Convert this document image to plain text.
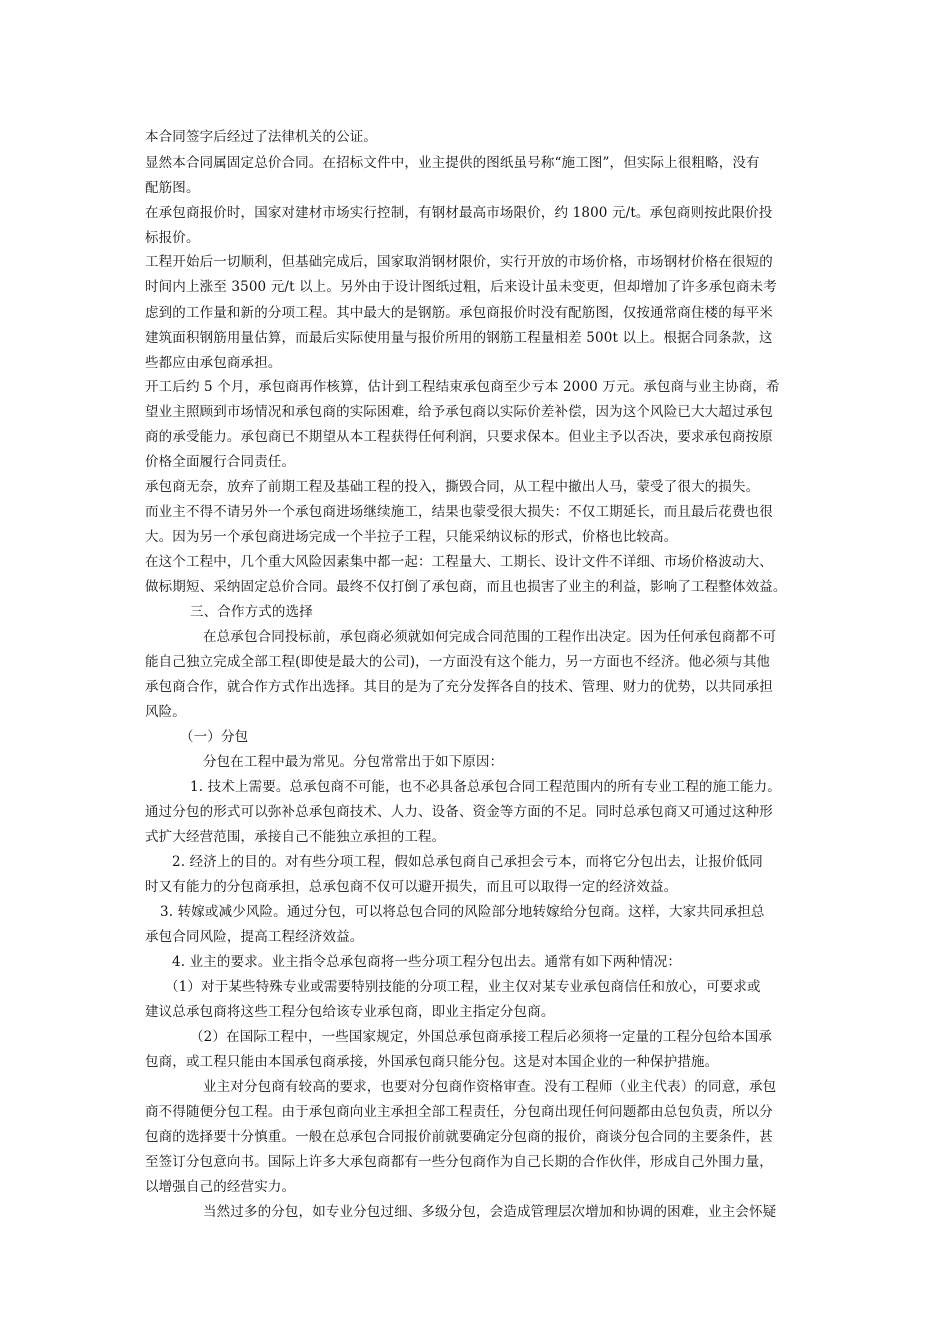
本合同签字后经过了法律机关的公证。
显然本合同属固定总价合同。在招标文件中，业主提供的图纸虽号称“施工图”，但实际上很粗略，没有
配筋图。
在承包商报价时，国家对建材市场实行控制，有钢材最高市场限价，约 1800 元/t。承包商则按此限价投
标报价。
工程开始后一切顺利，但基础完成后，国家取消钢材限价，实行开放的市场价格，市场钢材价格在很短的
时间内上涨至 3500 元/t 以上。另外由于设计图纸过粗，后来设计虽未变更，但却增加了许多承包商未考
虑到的工作量和新的分项工程。其中最大的是钢筋。承包商报价时没有配筋图，仅按通常商住楼的每平米
建筑面积钢筋用量估算，而最后实际使用量与报价所用的钢筋工程量相差 500t 以上。根据合同条款，这
些都应由承包商承担。
开工后约 5 个月，承包商再作核算，估计到工程结束承包商至少亏本 2000 万元。承包商与业主协商，希
望业主照顾到市场情况和承包商的实际困难，给予承包商以实际价差补偿，因为这个风险已大大超过承包
商的承受能力。承包商已不期望从本工程获得任何利润，只要求保本。但业主予以否决，要求承包商按原
价格全面履行合同责任。
承包商无奈，放弃了前期工程及基础工程的投入，撕毁合同，从工程中撤出人马，蒙受了很大的损失。
而业主不得不请另外一个承包商进场继续施工，结果也蒙受很大损失：不仅工期延长，而且最后花费也很
大。因为另一个承包商进场完成一个半拉子工程，只能采纳议标的形式，价格也比较高。
在这个工程中，几个重大风险因素集中都一起：工程量大、工期长、设计文件不详细、市场价格波动大、
做标期短、采纳固定总价合同。最终不仅打倒了承包商，而且也损害了业主的利益，影响了工程整体效益。
三、合作方式的选择
在总承包合同投标前，承包商必须就如何完成合同范围的工程作出决定。因为任何承包商都不可
能自己独立完成全部工程(即使是最大的公司)，一方面没有这个能力，另一方面也不经济。他必须与其他
承包商合作，就合作方式作出选择。其目的是为了充分发挥各自的技术、管理、财力的优势，以共同承担
风险。
（一）分包
分包在工程中最为常见。分包常常出于如下原因：
1. 技术上需要。总承包商不可能，也不必具备总承包合同工程范围内的所有专业工程的施工能力。
通过分包的形式可以弥补总承包商技术、人力、设备、资金等方面的不足。同时总承包商又可通过这种形
式扩大经营范围，承接自己不能独立承担的工程。
2. 经济上的目的。对有些分项工程，假如总承包商自己承担会亏本，而将它分包出去，让报价低同
时又有能力的分包商承担，总承包商不仅可以避开损失，而且可以取得一定的经济效益。
3. 转嫁或减少风险。通过分包，可以将总包合同的风险部分地转嫁给分包商。这样，大家共同承担总
承包合同风险，提高工程经济效益。
4. 业主的要求。业主指令总承包商将一些分项工程分包出去。通常有如下两种情况：
（1）对于某些特殊专业或需要特别技能的分项工程，业主仅对某专业承包商信任和放心，可要求或
建议总承包商将这些工程分包给该专业承包商，即业主指定分包商。
（2）在国际工程中，一些国家规定，外国总承包商承接工程后必须将一定量的工程分包给本国承
包商，或工程只能由本国承包商承接，外国承包商只能分包。这是对本国企业的一种保护措施。
业主对分包商有较高的要求，也要对分包商作资格审查。没有工程师（业主代表）的同意，承包
商不得随便分包工程。由于承包商向业主承担全部工程责任，分包商出现任何问题都由总包负责，所以分
包商的选择要十分慎重。一般在总承包合同报价前就要确定分包商的报价，商谈分包合同的主要条件，甚
至签订分包意向书。国际上许多大承包商都有一些分包商作为自己长期的合作伙伴，形成自己外围力量，
以增强自己的经营实力。
当然过多的分包，如专业分包过细、多级分包，会造成管理层次增加和协调的困难，业主会怀疑
